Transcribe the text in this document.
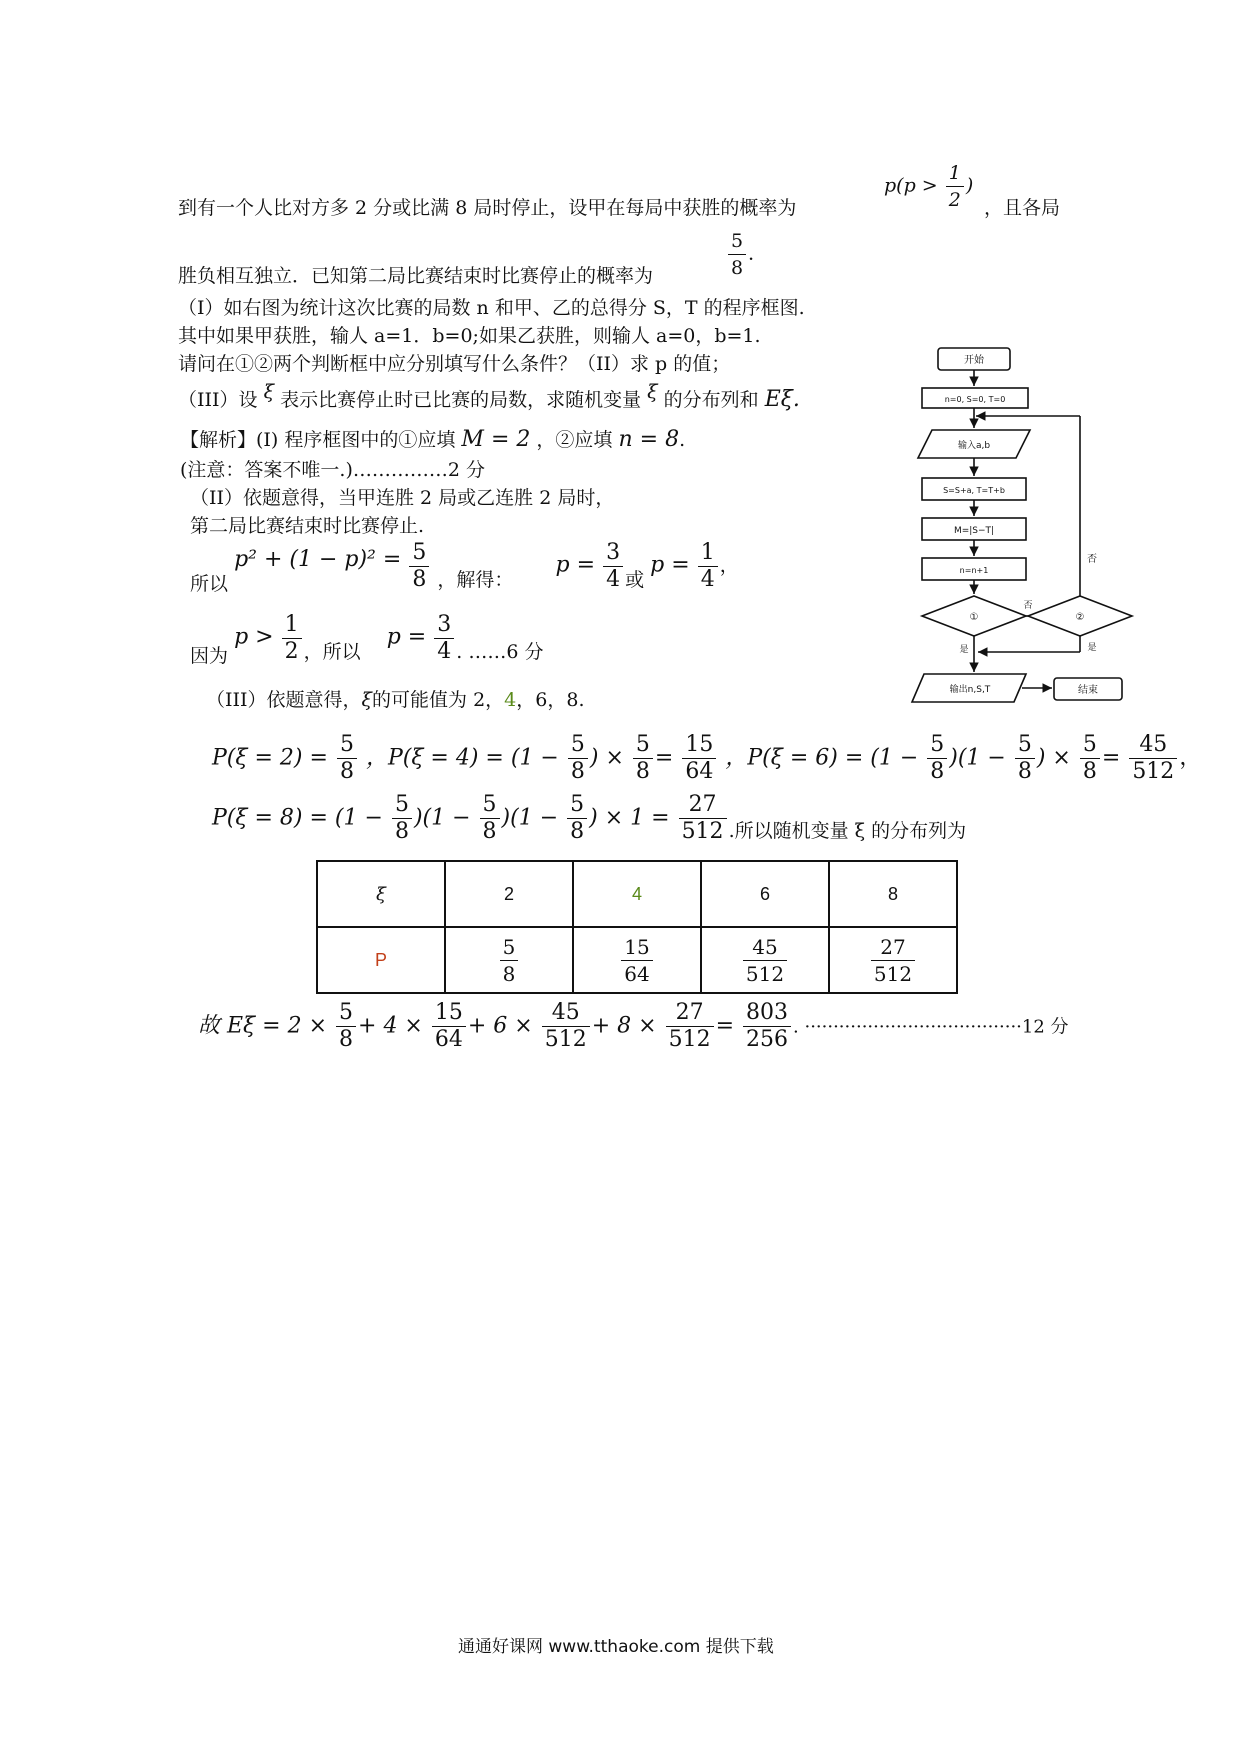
到有一个人比对方多 2 分或比满 8 局时停止，设甲在每局中获胜的概率为
$p(p > \frac{1}{2}$ )
，且各局
胜负相互独立．已知第二局比赛结束时比赛停止的概率为	$\frac{5}{8}$ ．
（I）如右图为统计这次比赛的局数 n 和甲、乙的总得分 S，T 的程序框图.
其中如果甲获胜，输人 a=1．b=0;如果乙获胜，则输人 a=0，b=1.
请问在①②两个判断框中应分别填写什么条件？（II）求 p 的值；
（III）设 ξ 表示比赛停止时已比赛的局数，求随机变量 ξ 的分布列和 Eξ.
【解析】(Ⅰ) 程序框图中的①应填 M = 2 ，②应填 n = 8.
(注意：答案不唯一.)……………2 分
（II）依题意得，当甲连胜 2 局或乙连胜 2 局时，
第二局比赛结束时比赛停止.
所以 $p^2 + (1 - p)^2 = \frac{5}{8}$ ，解得：  $p = \frac{3}{4}$ 或 $p = \frac{1}{4}$ ，
因为 $p > \frac{1}{2}$ ，所以  $p = \frac{3}{4}$ . ……6 分
（III）依题意得，ξ的可能值为 2，4，6，8.
$P(\xi = 2) = \frac{5}{8}$ ，$P(\xi = 4) = (1 - \frac{5}{8}$ ) × $\frac{5}{8} = \frac{15}{64}$ ，$P(\xi = 6) = (1 - \frac{5}{8} )(1 - \frac{5}{8}$ ) × $\frac{5}{8} = \frac{45}{512}$ ，
$P(\xi = 8) = (1 - \frac{5}{8} )(1 - \frac{5}{8} )(1 - \frac{5}{8}$ ) × $1 = \frac{27}{512}$ .所以随机变量 ξ 的分布列为
ξ	2	4	6	8
P	$\frac{5}{8}$	$\frac{15}{64}$	$\frac{45}{512}$	$\frac{27}{512}$
故 $E\xi = 2 \times \frac{5}{8} + 4 \times \frac{15}{64} + 6 \times \frac{45}{512} + 8 \times \frac{27}{512} = \frac{803}{256}$ . ······································12 分
开始
n=0, S=0, T=0
输入a,b
S=S+a, T=T+b
M=|S−T|
n=n+1
①	②
否
否
是	是
输出n,S,T	结束
通通好课网 www.tthaoke.com 提供下载
